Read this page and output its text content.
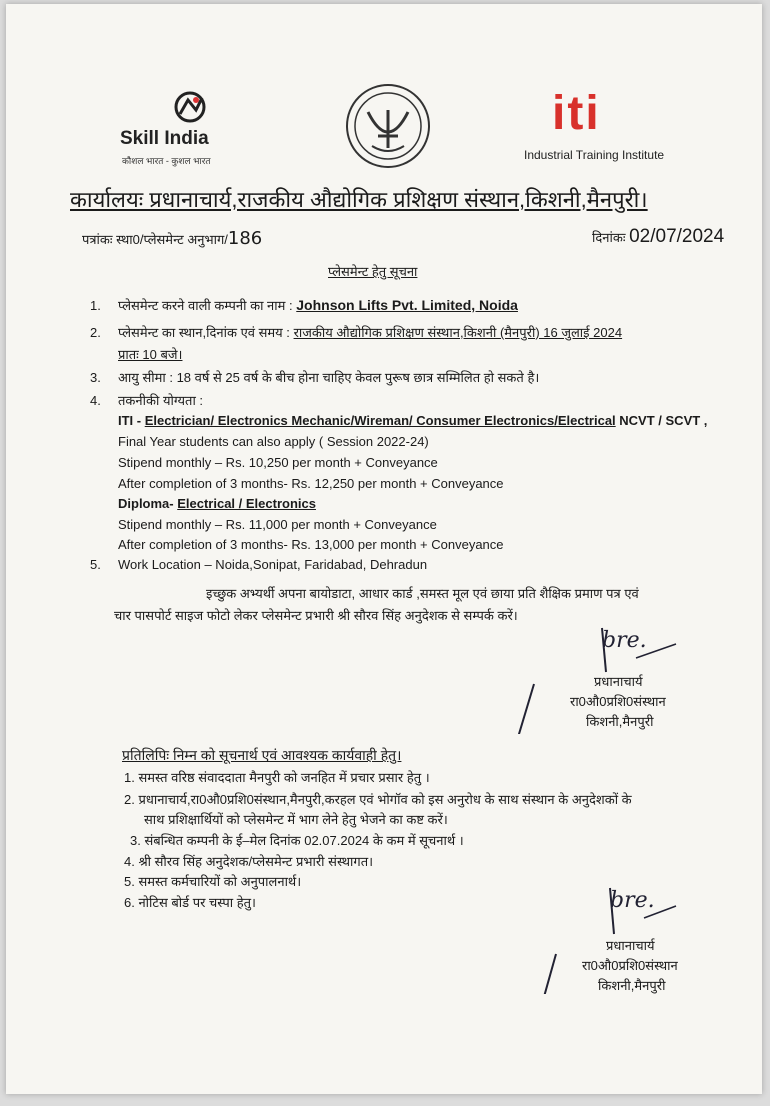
Skill India
कौशल भारत - कुशल भारत
iti
Industrial Training Institute
कार्यालयः प्रधानाचार्य,राजकीय औद्योगिक प्रशिक्षण संस्थान,किशनी,मैनपुरी।
पत्रांकः स्था0/प्लेसमेन्ट अनुभाग/186	दिनांकः 02/07/2024
प्लेसमेन्ट हेतु सूचना
1. प्लेसमेन्ट करने वाली कम्पनी का नाम : Johnson Lifts Pvt. Limited, Noida
2. प्लेसमेन्ट का स्थान,दिनांक एवं समय : राजकीय औद्योगिक प्रशिक्षण संस्थान,किशनी (मैनपुरी) 16 जुलाई 2024
प्रातः 10 बजे।
3. आयु सीमा : 18 वर्ष से 25 वर्ष के बीच होना चाहिए केवल पुरूष छात्र सम्मिलित हो सकते है।
4. तकनीकी योग्यता :
ITI - Electrician/ Electronics Mechanic/Wireman/ Consumer Electronics/Electrical NCVT / SCVT ,
Final Year students can also apply ( Session 2022-24)
Stipend monthly – Rs. 10,250 per month + Conveyance
After completion of 3 months- Rs. 12,250 per month + Conveyance
Diploma- Electrical / Electronics
Stipend monthly – Rs. 11,000 per month + Conveyance
After completion of 3 months- Rs. 13,000 per month + Conveyance
5. Work Location – Noida,Sonipat, Faridabad, Dehradun
इच्छुक अभ्यर्थी अपना बायोडाटा, आधार कार्ड ,समस्त मूल एवं छाया प्रति शैक्षिक प्रमाण पत्र एवं
चार पासपोर्ट साइज फोटो लेकर प्लेसमेन्ट प्रभारी श्री सौरव सिंह अनुदेशक से सम्पर्क करें।
bre.
प्रधानाचार्य
रा0औ0प्रशि0संस्थान
किशनी,मैनपुरी
प्रतिलिपिः निम्न को सूचनार्थ एवं आवश्यक कार्यवाही हेतु।
1. समस्त वरिष्ठ संवाददाता मैनपुरी को जनहित में प्रचार प्रसार हेतु ।
2. प्रधानाचार्य,रा0औ0प्रशि0संस्थान,मैनपुरी,करहल एवं भोगॉव को इस अनुरोध के साथ संस्थान के अनुदेशकों के
साथ प्रशिक्षार्थियों को प्लेसमेन्ट में भाग लेने हेतु भेजने का कष्ट करें।
3. संबन्धित कम्पनी के ई–मेल दिनांक 02.07.2024 के कम में सूचनार्थ ।
4. श्री सौरव सिंह अनुदेशक/प्लेसमेन्ट प्रभारी संस्थागत।
5. समस्त कर्मचारियों को अनुपालनार्थ।
6. नोटिस बोर्ड पर चस्पा हेतु।	bre.
प्रधानाचार्य
रा0औ0प्रशि0संस्थान
किशनी,मैनपुरी
